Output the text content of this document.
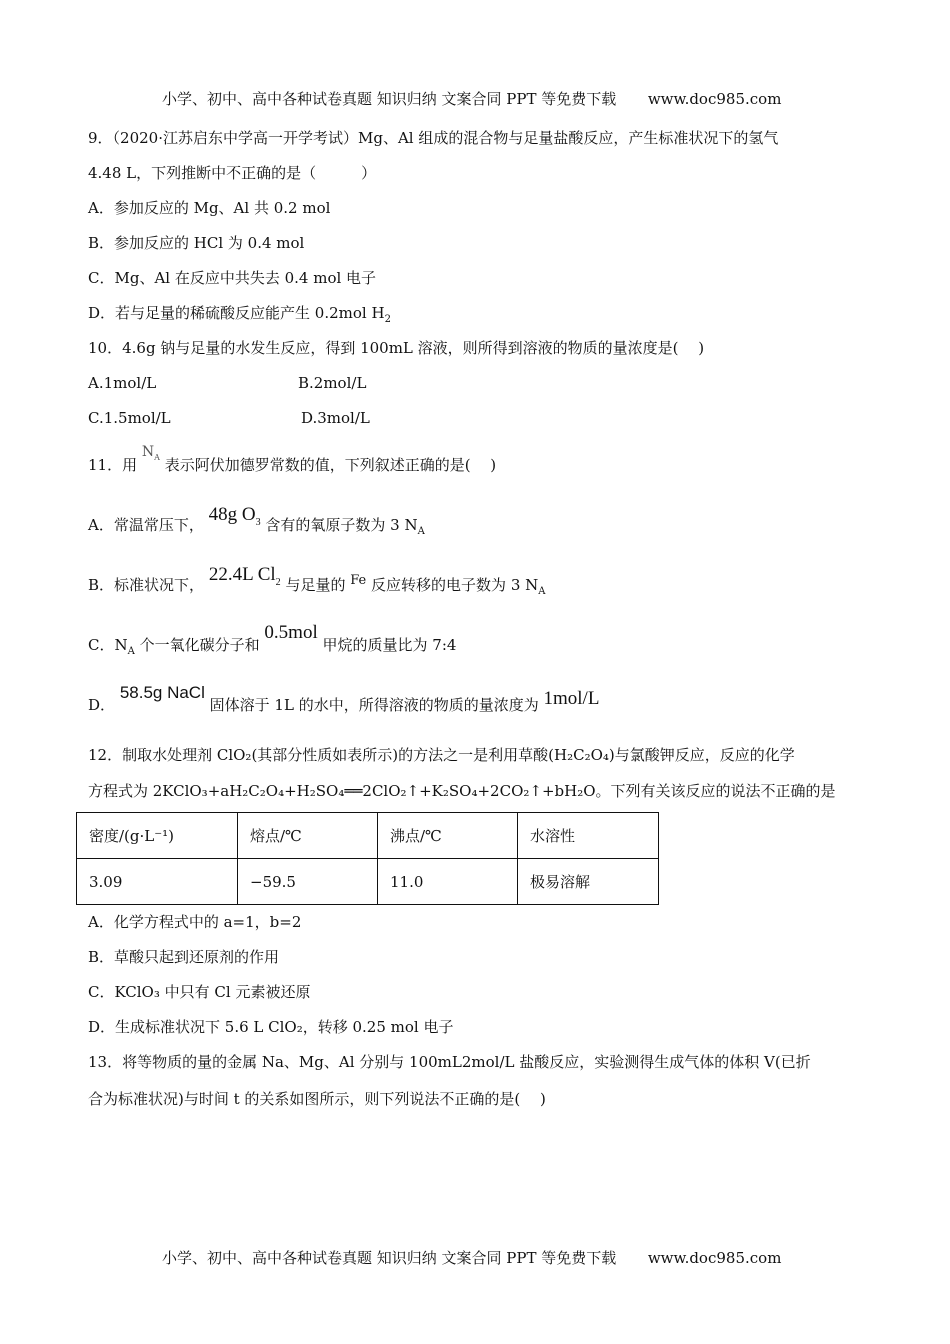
小学、初中、高中各种试卷真题 知识归纳 文案合同 PPT 等免费下载 www.doc985.com
9．（2020·江苏启东中学高一开学考试）Mg、Al 组成的混合物与足量盐酸反应，产生标准状况下的氢气
4.48 L，下列推断中不正确的是（　　　）
A．参加反应的 Mg、Al 共 0.2 mol
B．参加反应的 HCl 为 0.4 mol
C．Mg、Al 在反应中共失去 0.4 mol 电子
D．若与足量的稀硫酸反应能产生 0.2mol $H_2$
10．4.6g 钠与足量的水发生反应，得到 100mL 溶液，则所得到溶液的物质的量浓度是(　 )
A.1mol/L	B.2mol/L
C.1.5mol/L	D.3mol/L
11．用 $N_A$ 表示阿伏加德罗常数的值，下列叙述正确的是(　 )
A．常温常压下， 48g $O_3$ 含有的氧原子数为 3 $N_A$
B．标准状况下， 22.4L $Cl_2$ 与足量的 Fe 反应转移的电子数为 3 $N_A$
C．$N_A$ 个一氧化碳分子和 0.5mol 甲烷的质量比为 7:4
D． 58.5g NaCl 固体溶于 1L 的水中，所得溶液的物质的量浓度为 1mol/L
12．制取水处理剂 ClO₂(其部分性质如表所示)的方法之一是利用草酸(H₂C₂O₄)与氯酸钾反应，反应的化学
方程式为 2KClO₃+aH₂C₂O₄+H₂SO₄══2ClO₂↑+K₂SO₄+2CO₂↑+bH₂O。下列有关该反应的说法不正确的是
密度/(g·L⁻¹)	熔点/℃	沸点/℃	水溶性
3.09	−59.5	11.0	极易溶解
A．化学方程式中的 a=1，b=2
B．草酸只起到还原剂的作用
C．KClO₃ 中只有 Cl 元素被还原
D．生成标准状况下 5.6 L ClO₂，转移 0.25 mol 电子
13．将等物质的量的金属 Na、Mg、Al 分别与 100mL2mol/L 盐酸反应，实验测得生成气体的体积 V(已折
合为标准状况)与时间 t 的关系如图所示，则下列说法不正确的是(　 )
小学、初中、高中各种试卷真题 知识归纳 文案合同 PPT 等免费下载 www.doc985.com
